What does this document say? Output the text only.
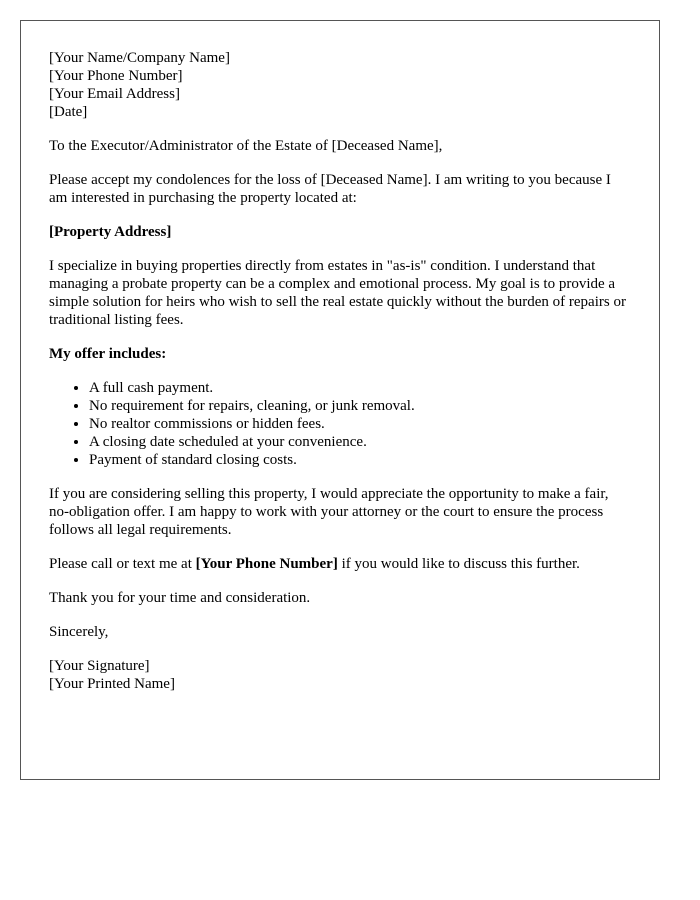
[Your Name/Company Name]
[Your Phone Number]
[Your Email Address]
[Date]

To the Executor/Administrator of the Estate of [Deceased Name],

Please accept my condolences for the loss of [Deceased Name]. I am writing to you because I am interested in purchasing the property located at:

[Property Address]

I specialize in buying properties directly from estates in "as-is" condition. I understand that managing a probate property can be a complex and emotional process. My goal is to provide a simple solution for heirs who wish to sell the real estate quickly without the burden of repairs or traditional listing fees.

My offer includes:

• A full cash payment.
• No requirement for repairs, cleaning, or junk removal.
• No realtor commissions or hidden fees.
• A closing date scheduled at your convenience.
• Payment of standard closing costs.

If you are considering selling this property, I would appreciate the opportunity to make a fair, no-obligation offer. I am happy to work with your attorney or the court to ensure the process follows all legal requirements.

Please call or text me at [Your Phone Number] if you would like to discuss this further.

Thank you for your time and consideration.

Sincerely,

[Your Signature]
[Your Printed Name]
